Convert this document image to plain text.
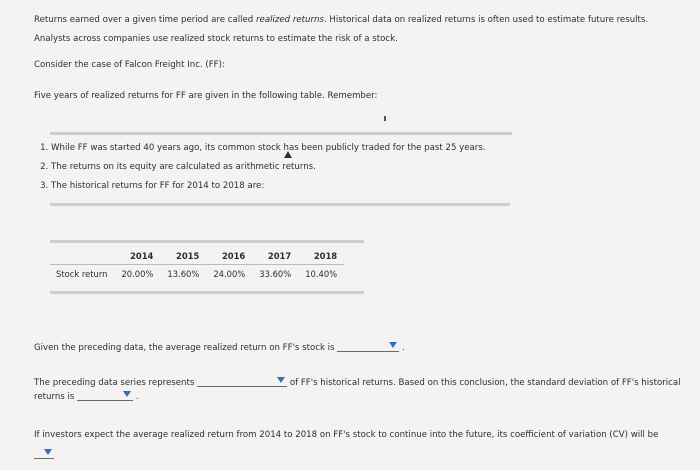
Returns earned over a given time period are called realized returns. Historical data on realized returns is often used to estimate future results.
Analysts across companies use realized stock returns to estimate the risk of a stock.
Consider the case of Falcon Freight Inc. (FF):
Five years of realized returns for FF are given in the following table. Remember:
1. While FF was started 40 years ago, its common stock has been publicly traded for the past 25 years.
2. The returns on its equity are calculated as arithmetic returns.
3. The historical returns for FF for 2014 to 2018 are:
	2014	2015	2016	2017	2018
Stock return	20.00%	13.60%	24.00%	33.60%	10.40%
Given the preceding data, the average realized return on FF's stock is	.
The preceding data series represents	of FF's historical returns. Based on this conclusion, the standard deviation of FF's historical
returns is	.
If investors expect the average realized return from 2014 to 2018 on FF's stock to continue into the future, its coefficient of variation (CV) will be
